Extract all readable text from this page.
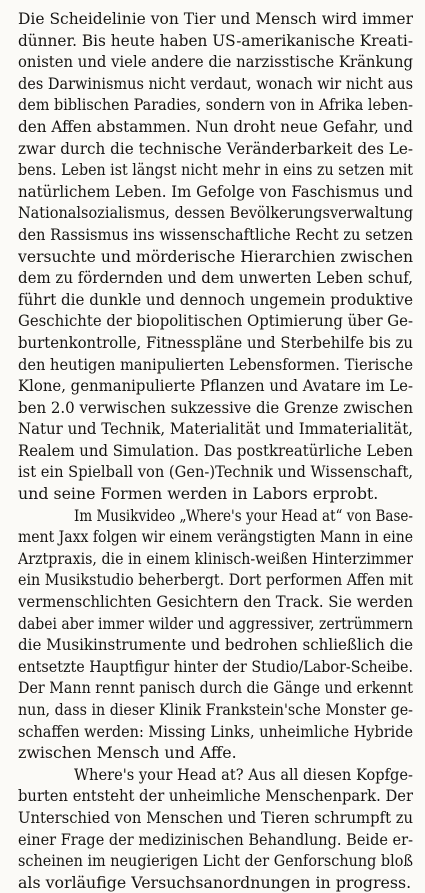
Die Scheidelinie von Tier und Mensch wird immer
dünner. Bis heute haben US-amerikanische Kreati-
onisten und viele andere die narzisstische Kränkung
des Darwinismus nicht verdaut, wonach wir nicht aus
dem biblischen Paradies, sondern von in Afrika leben-
den Affen abstammen. Nun droht neue Gefahr, und
zwar durch die technische Veränderbarkeit des Le-
bens. Leben ist längst nicht mehr in eins zu setzen mit
natürlichem Leben. Im Gefolge von Faschismus und
Nationalsozialismus, dessen Bevölkerungsverwaltung
den Rassismus ins wissenschaftliche Recht zu setzen
versuchte und mörderische Hierarchien zwischen
dem zu fördernden und dem unwerten Leben schuf,
führt die dunkle und dennoch ungemein produktive
Geschichte der biopolitischen Optimierung über Ge-
burtenkontrolle, Fitnesspläne und Sterbehilfe bis zu
den heutigen manipulierten Lebensformen. Tierische
Klone, genmanipulierte Pflanzen und Avatare im Le-
ben 2.0 verwischen sukzessive die Grenze zwischen
Natur und Technik, Materialität und Immaterialität,
Realem und Simulation. Das postkreatürliche Leben
ist ein Spielball von (Gen-)Technik und Wissenschaft,
und seine Formen werden in Labors erprobt.
Im Musikvideo „Where's your Head at“ von Base-
ment Jaxx folgen wir einem verängstigten Mann in eine
Arztpraxis, die in einem klinisch-weißen Hinterzimmer
ein Musikstudio beherbergt. Dort performen Affen mit
vermenschlichten Gesichtern den Track. Sie werden
dabei aber immer wilder und aggressiver, zertrümmern
die Musikinstrumente und bedrohen schließlich die
entsetzte Hauptfigur hinter der Studio/Labor-Scheibe.
Der Mann rennt panisch durch die Gänge und erkennt
nun, dass in dieser Klinik Frankstein'sche Monster ge-
schaffen werden: Missing Links, unheimliche Hybride
zwischen Mensch und Affe.
Where's your Head at? Aus all diesen Kopfge-
burten entsteht der unheimliche Menschenpark. Der
Unterschied von Menschen und Tieren schrumpft zu
einer Frage der medizinischen Behandlung. Beide er-
scheinen im neugierigen Licht der Genforschung bloß
als vorläufige Versuchsanordnungen in progress.
